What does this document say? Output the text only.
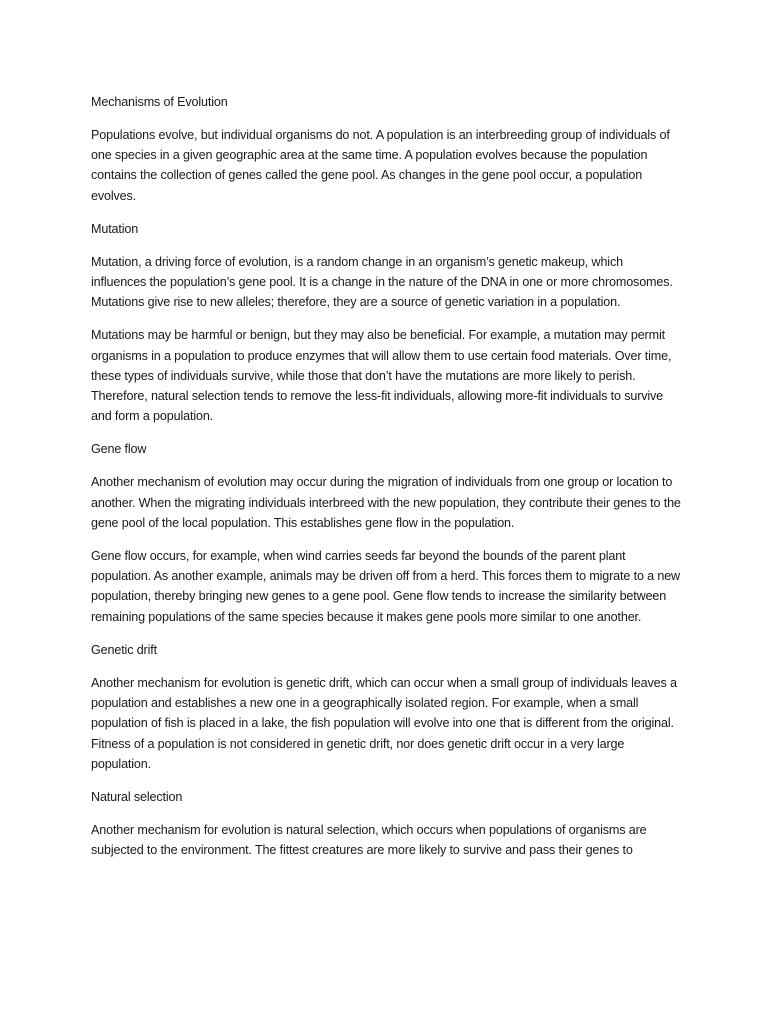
Mechanisms of Evolution

Populations evolve, but individual organisms do not. A population is an interbreeding group of individuals of one species in a given geographic area at the same time. A population evolves because the population contains the collection of genes called the gene pool. As changes in the gene pool occur, a population evolves.

Mutation

Mutation, a driving force of evolution, is a random change in an organism’s genetic makeup, which influences the population’s gene pool. It is a change in the nature of the DNA in one or more chromosomes. Mutations give rise to new alleles; therefore, they are a source of genetic variation in a population.

Mutations may be harmful or benign, but they may also be beneficial. For example, a mutation may permit organisms in a population to produce enzymes that will allow them to use certain food materials. Over time, these types of individuals survive, while those that don’t have the mutations are more likely to perish. Therefore, natural selection tends to remove the less-fit individuals, allowing more-fit individuals to survive and form a population.

Gene flow

Another mechanism of evolution may occur during the migration of individuals from one group or location to another. When the migrating individuals interbreed with the new population, they contribute their genes to the gene pool of the local population. This establishes gene flow in the population.

Gene flow occurs, for example, when wind carries seeds far beyond the bounds of the parent plant population. As another example, animals may be driven off from a herd. This forces them to migrate to a new population, thereby bringing new genes to a gene pool. Gene flow tends to increase the similarity between remaining populations of the same species because it makes gene pools more similar to one another.

Genetic drift

Another mechanism for evolution is genetic drift, which can occur when a small group of individuals leaves a population and establishes a new one in a geographically isolated region. For example, when a small population of fish is placed in a lake, the fish population will evolve into one that is different from the original. Fitness of a population is not considered in genetic drift, nor does genetic drift occur in a very large population.

Natural selection

Another mechanism for evolution is natural selection, which occurs when populations of organisms are subjected to the environment. The fittest creatures are more likely to survive and pass their genes to
